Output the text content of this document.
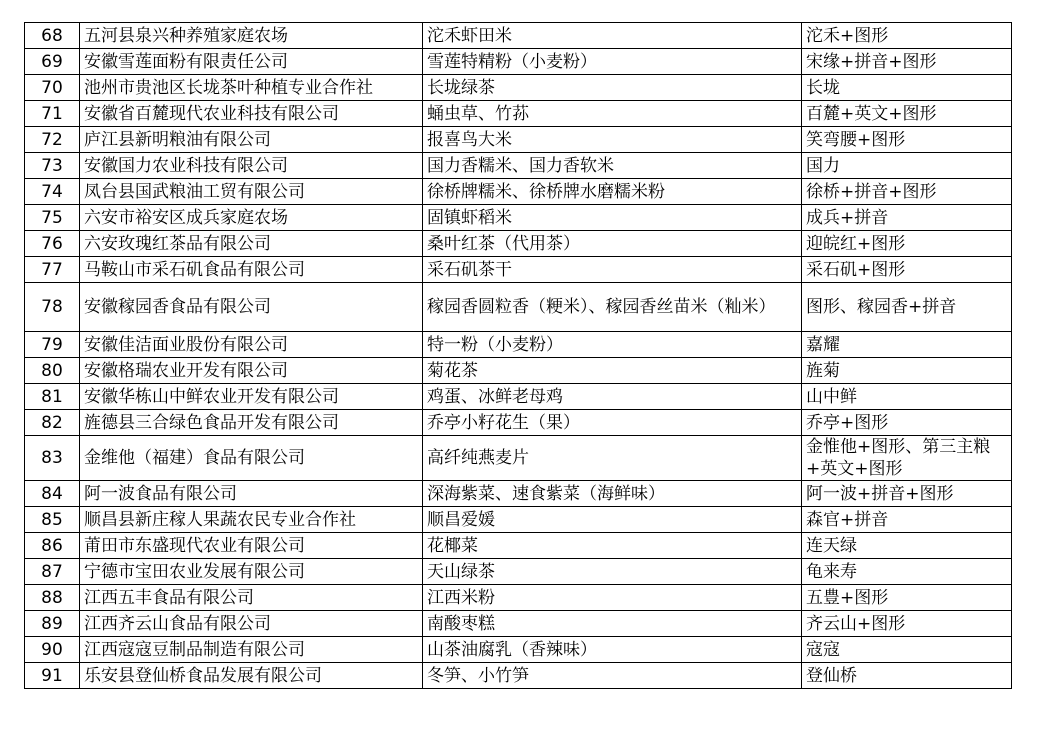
68	五河县泉兴种养殖家庭农场	沱禾虾田米	沱禾+图形
69	安徽雪莲面粉有限责任公司	雪莲特精粉（小麦粉）	宋缘+拼音+图形
70	池州市贵池区长垅茶叶种植专业合作社	长垅绿茶	长垅
71	安徽省百麓现代农业科技有限公司	蛹虫草、竹荪	百麓+英文+图形
72	庐江县新明粮油有限公司	报喜鸟大米	笑弯腰+图形
73	安徽国力农业科技有限公司	国力香糯米、国力香软米	国力
74	凤台县国武粮油工贸有限公司	徐桥牌糯米、徐桥牌水磨糯米粉	徐桥+拼音+图形
75	六安市裕安区成兵家庭农场	固镇虾稻米	成兵+拼音
76	六安玫瑰红茶品有限公司	桑叶红茶（代用茶）	迎皖红+图形
77	马鞍山市采石矶食品有限公司	采石矶茶干	采石矶+图形
78	安徽稼园香食品有限公司	稼园香圆粒香（粳米）、稼园香丝苗米（籼米）	图形、稼园香+拼音
79	安徽佳洁面业股份有限公司	特一粉（小麦粉）	嘉耀
80	安徽格瑞农业开发有限公司	菊花茶	旌菊
81	安徽华栋山中鲜农业开发有限公司	鸡蛋、冰鲜老母鸡	山中鲜
82	旌德县三合绿色食品开发有限公司	乔亭小籽花生（果）	乔亭+图形
83	金维他（福建）食品有限公司	高纤纯燕麦片	金惟他+图形、第三主粮+英文+图形
84	阿一波食品有限公司	深海紫菜、速食紫菜（海鲜味）	阿一波+拼音+图形
85	顺昌县新庄稼人果蔬农民专业合作社	顺昌爱媛	森官+拼音
86	莆田市东盛现代农业有限公司	花椰菜	连天绿
87	宁德市宝田农业发展有限公司	天山绿茶	龟来寿
88	江西五丰食品有限公司	江西米粉	五豊+图形
89	江西齐云山食品有限公司	南酸枣糕	齐云山+图形
90	江西寇寇豆制品制造有限公司	山茶油腐乳（香辣味）	寇寇
91	乐安县登仙桥食品发展有限公司	冬笋、小竹笋	登仙桥
